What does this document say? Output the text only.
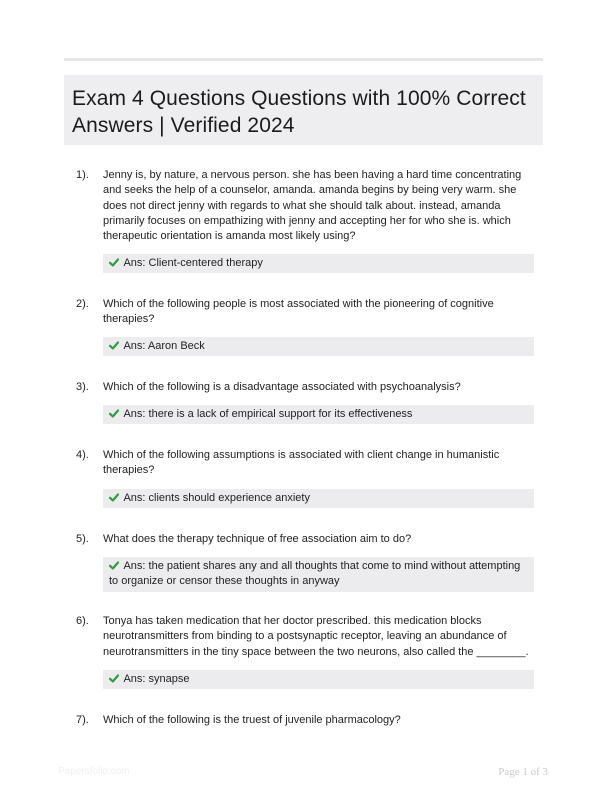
Exam 4 Questions Questions with 100% Correct Answers | Verified 2024
1). Jenny is, by nature, a nervous person. she has been having a hard time concentrating and seeks the help of a counselor, amanda. amanda begins by being very warm. she does not direct jenny with regards to what she should talk about. instead, amanda primarily focuses on empathizing with jenny and accepting her for who she is. which therapeutic orientation is amanda most likely using?
Ans: Client-centered therapy
2). Which of the following people is most associated with the pioneering of cognitive therapies?
Ans: Aaron Beck
3). Which of the following is a disadvantage associated with psychoanalysis?
Ans: there is a lack of empirical support for its effectiveness
4). Which of the following assumptions is associated with client change in humanistic therapies?
Ans: clients should experience anxiety
5). What does the therapy technique of free association aim to do?
Ans: the patient shares any and all thoughts that come to mind without attempting to organize or censor these thoughts in anyway
6). Tonya has taken medication that her doctor prescribed. this medication blocks neurotransmitters from binding to a postsynaptic receptor, leaving an abundance of neurotransmitters in the tiny space between the two neurons, also called the ________.
Ans: synapse
7). Which of the following is the truest of juvenile pharmacology?
Papersfolio.com	Page 1 of 3
